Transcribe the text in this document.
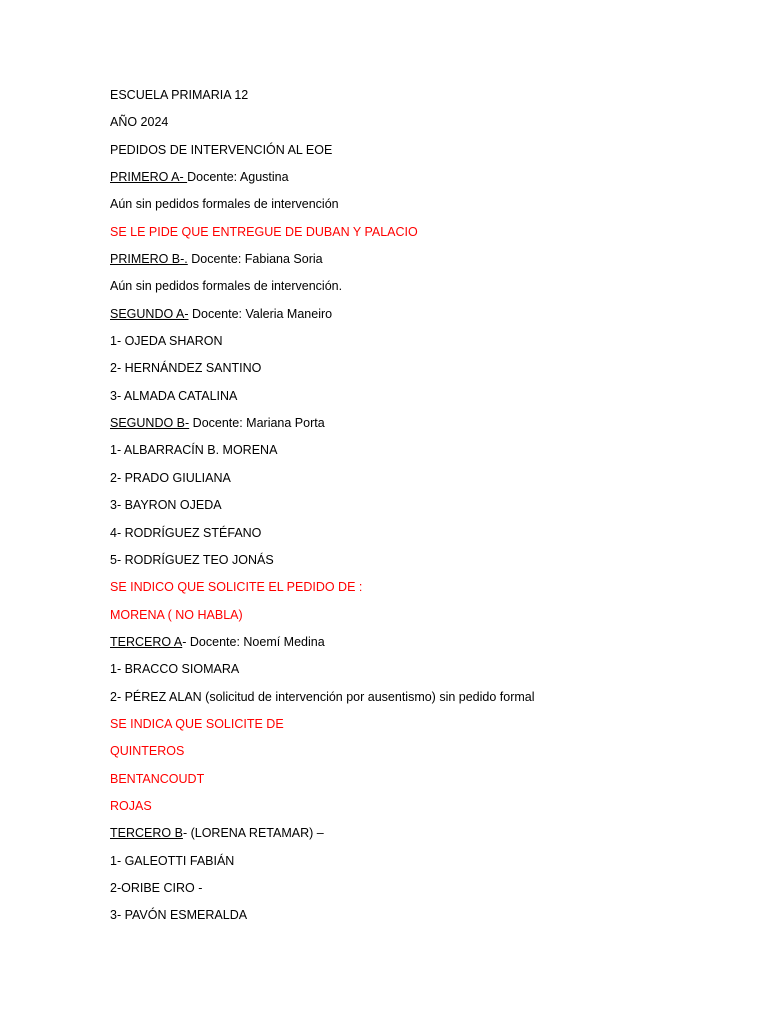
ESCUELA PRIMARIA 12
AÑO 2024
PEDIDOS DE INTERVENCIÓN AL EOE
PRIMERO A- Docente: Agustina
Aún sin pedidos formales de intervención
SE LE PIDE QUE ENTREGUE DE DUBAN Y PALACIO
PRIMERO B-. Docente: Fabiana Soria
Aún sin pedidos formales de intervención.
SEGUNDO A- Docente: Valeria Maneiro
1- OJEDA SHARON
2- HERNÁNDEZ SANTINO
3- ALMADA CATALINA
SEGUNDO B- Docente: Mariana Porta
1- ALBARRACÍN B. MORENA
2- PRADO GIULIANA
3- BAYRON OJEDA
4- RODRÍGUEZ STÉFANO
5- RODRÍGUEZ TEO JONÁS
SE INDICO QUE SOLICITE EL PEDIDO DE :
MORENA ( NO HABLA)
TERCERO A- Docente: Noemí Medina
1- BRACCO SIOMARA
2- PÉREZ ALAN (solicitud de intervención por ausentismo) sin pedido formal
SE INDICA QUE SOLICITE DE
QUINTEROS
BENTANCOUDT
ROJAS
TERCERO B- (LORENA RETAMAR) –
1- GALEOTTI FABIÁN
2-ORIBE CIRO -
3- PAVÓN ESMERALDA
